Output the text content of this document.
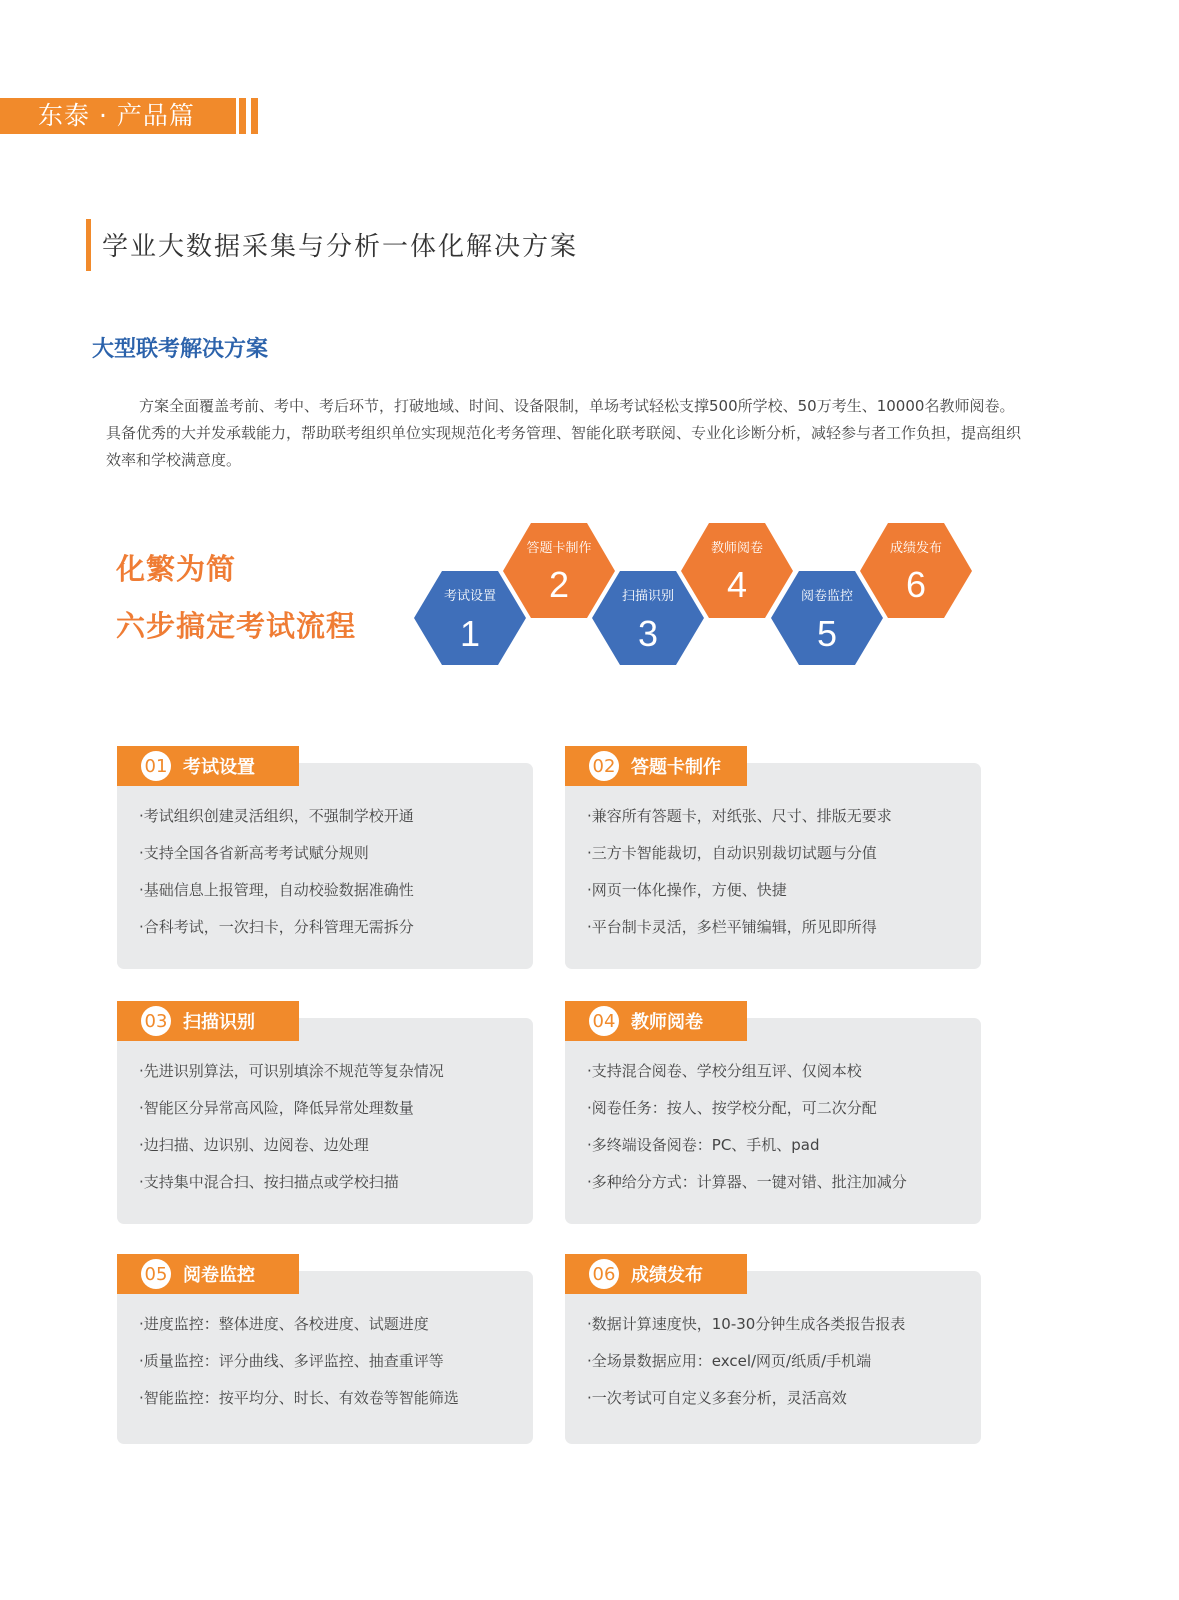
东泰 · 产品篇
学业大数据采集与分析一体化解决方案
大型联考解决方案
方案全面覆盖考前、考中、考后环节，打破地域、时间、设备限制，单场考试轻松支撑500所学校、50万考生、10000名教师阅卷。具备优秀的大并发承载能力，帮助联考组织单位实现规范化考务管理、智能化联考联阅、专业化诊断分析，减轻参与者工作负担，提高组织效率和学校满意度。
化繁为简
六步搞定考试流程
考试设置
1
答题卡制作
2	扫描识别
3
教师阅卷
4	阅卷监控
5
成绩发布
6
01 考试设置
·考试组织创建灵活组织，不强制学校开通
·支持全国各省新高考考试赋分规则
·基础信息上报管理，自动校验数据准确性
·合科考试，一次扫卡，分科管理无需拆分
02 答题卡制作
·兼容所有答题卡，对纸张、尺寸、排版无要求
·三方卡智能裁切，自动识别裁切试题与分值
·网页一体化操作，方便、快捷
·平台制卡灵活，多栏平铺编辑，所见即所得
03 扫描识别
·先进识别算法，可识别填涂不规范等复杂情况
·智能区分异常高风险，降低异常处理数量
·边扫描、边识别、边阅卷、边处理
·支持集中混合扫、按扫描点或学校扫描
04 教师阅卷
·支持混合阅卷、学校分组互评、仅阅本校
·阅卷任务：按人、按学校分配，可二次分配
·多终端设备阅卷：PC、手机、pad
·多种给分方式：计算器、一键对错、批注加减分
05 阅卷监控
·进度监控：整体进度、各校进度、试题进度
·质量监控：评分曲线、多评监控、抽查重评等
·智能监控：按平均分、时长、有效卷等智能筛选
06 成绩发布
·数据计算速度快，10-30分钟生成各类报告报表
·全场景数据应用：excel/网页/纸质/手机端
·一次考试可自定义多套分析，灵活高效
